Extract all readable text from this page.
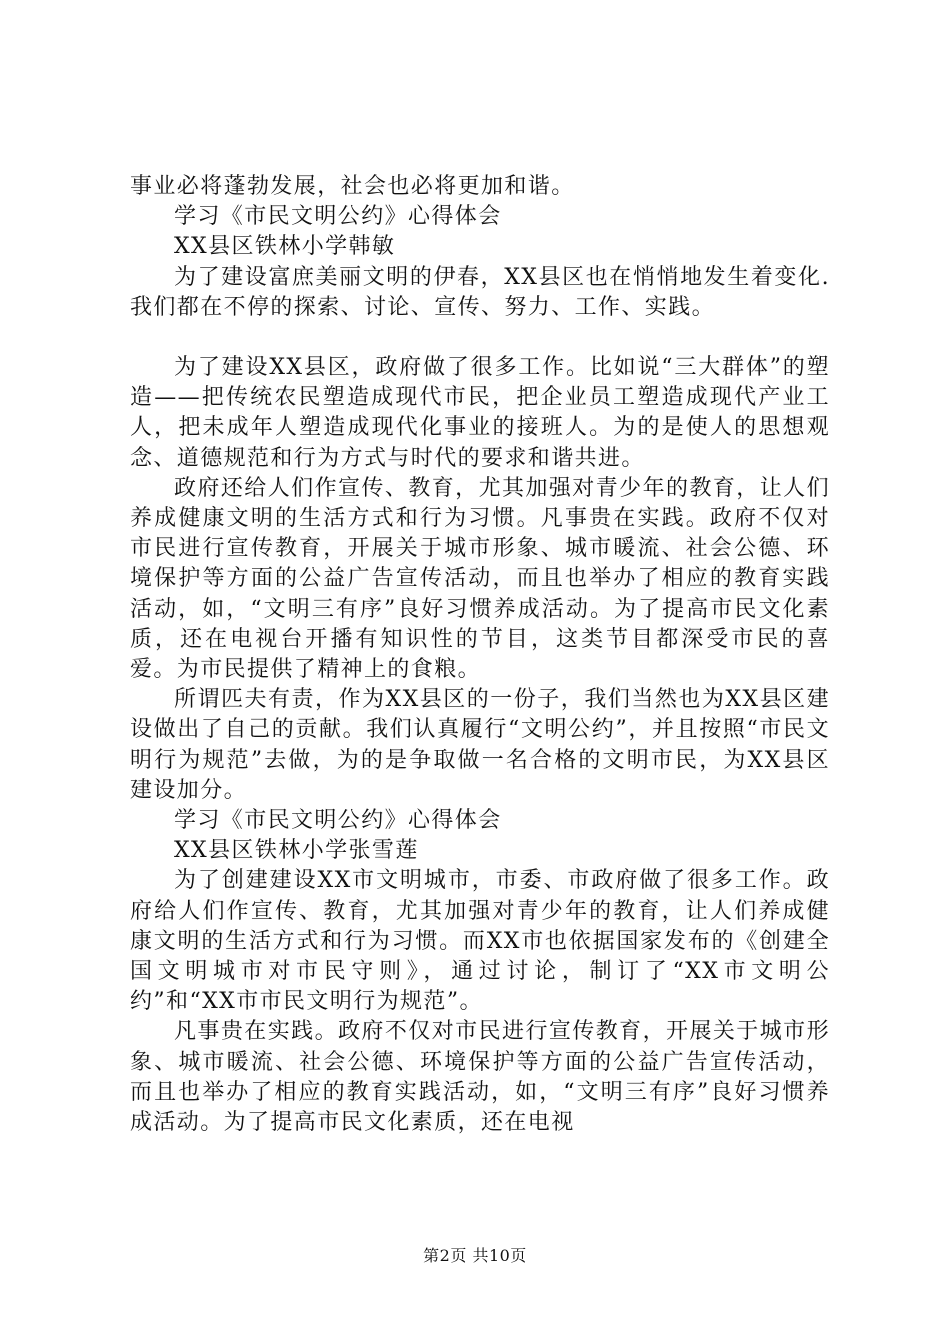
事业必将蓬勃发展，社会也必将更加和谐。

学习《市民文明公约》心得体会

XX县区铁林小学韩敏

为了建设富庶美丽文明的伊春，XX县区也在悄悄地发生着变化.我们都在不停的探索、讨论、宣传、努力、工作、实践。

为了建设XX县区，政府做了很多工作。比如说“三大群体”的塑造——把传统农民塑造成现代市民，把企业员工塑造成现代产业工人，把未成年人塑造成现代化事业的接班人。为的是使人的思想观念、道德规范和行为方式与时代的要求和谐共进。

政府还给人们作宣传、教育，尤其加强对青少年的教育，让人们养成健康文明的生活方式和行为习惯。凡事贵在实践。政府不仅对市民进行宣传教育，开展关于城市形象、城市暖流、社会公德、环境保护等方面的公益广告宣传活动，而且也举办了相应的教育实践活动，如，“文明三有序”良好习惯养成活动。为了提高市民文化素质，还在电视台开播有知识性的节目，这类节目都深受市民的喜爱。为市民提供了精神上的食粮。

所谓匹夫有责，作为XX县区的一份子，我们当然也为XX县区建设做出了自己的贡献。我们认真履行“文明公约”，并且按照“市民文明行为规范”去做，为的是争取做一名合格的文明市民，为XX县区建设加分。

学习《市民文明公约》心得体会

XX县区铁林小学张雪莲

为了创建建设XX市文明城市，市委、市政府做了很多工作。政府给人们作宣传、教育，尤其加强对青少年的教育，让人们养成健康文明的生活方式和行为习惯。而XX市也依据国家发布的《创建全国文明城市对市民守则》，通过讨论，制订了“XX市文明公约”和“XX市市民文明行为规范”。

凡事贵在实践。政府不仅对市民进行宣传教育，开展关于城市形象、城市暖流、社会公德、环境保护等方面的公益广告宣传活动，而且也举办了相应的教育实践活动，如，“文明三有序”良好习惯养成活动。为了提高市民文化素质，还在电视

第2页 共10页
